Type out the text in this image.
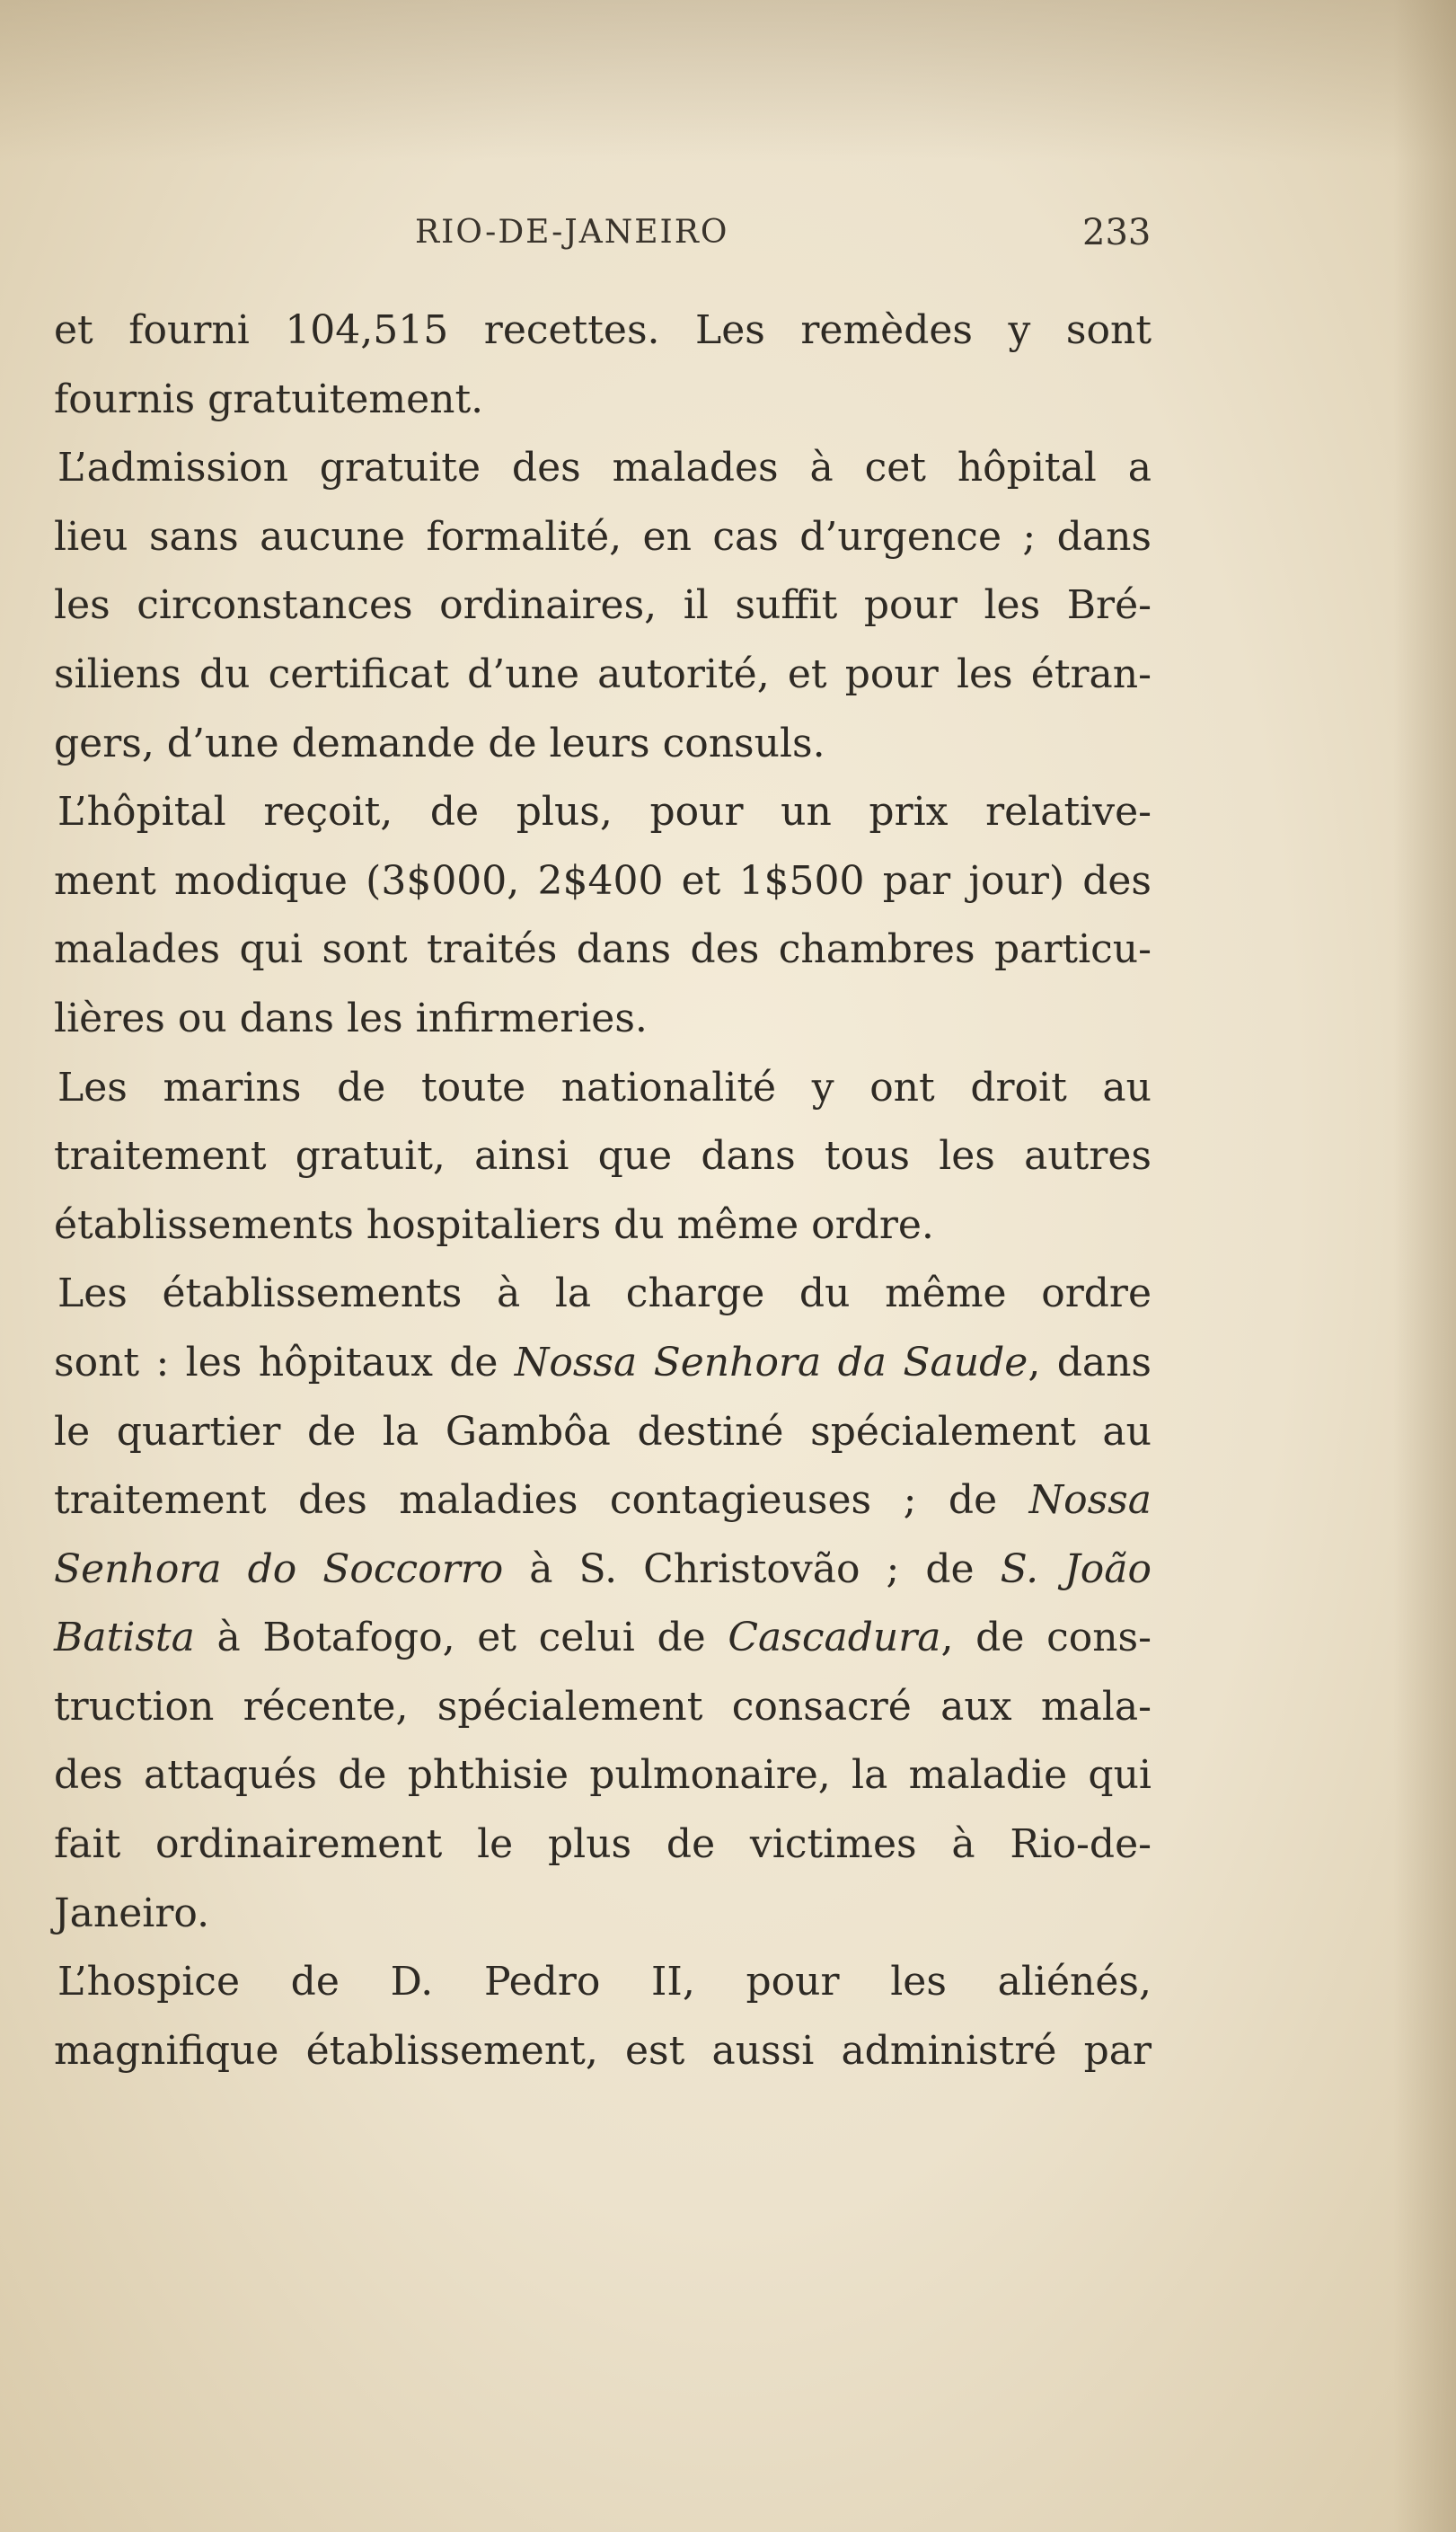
RIO-DE-JANEIRO	233
et fourni 104,515 recettes. Les remèdes y sont
fournis gratuitement.
L’admission gratuite des malades à cet hôpital a
lieu sans aucune formalité, en cas d’urgence ; dans
les circonstances ordinaires, il suffit pour les Bré-
siliens du certificat d’une autorité, et pour les étran-
gers, d’une demande de leurs consuls.
L’hôpital reçoit, de plus, pour un prix relative-
ment modique (3$000, 2$400 et 1$500 par jour) des
malades qui sont traités dans des chambres particu-
lières ou dans les infirmeries.
Les marins de toute nationalité y ont droit au
traitement gratuit, ainsi que dans tous les autres
établissements hospitaliers du même ordre.
Les établissements à la charge du même ordre
sont : les hôpitaux de Nossa Senhora da Saude, dans
le quartier de la Gambôa destiné spécialement au
traitement des maladies contagieuses ; de Nossa
Senhora do Soccorro à S. Christovão ; de S. João
Batista à Botafogo, et celui de Cascadura, de cons-
truction récente, spécialement consacré aux mala-
des attaqués de phthisie pulmonaire, la maladie qui
fait ordinairement le plus de victimes à Rio-de-
Janeiro.
L’hospice de D. Pedro II, pour les aliénés,
magnifique établissement, est aussi administré par
